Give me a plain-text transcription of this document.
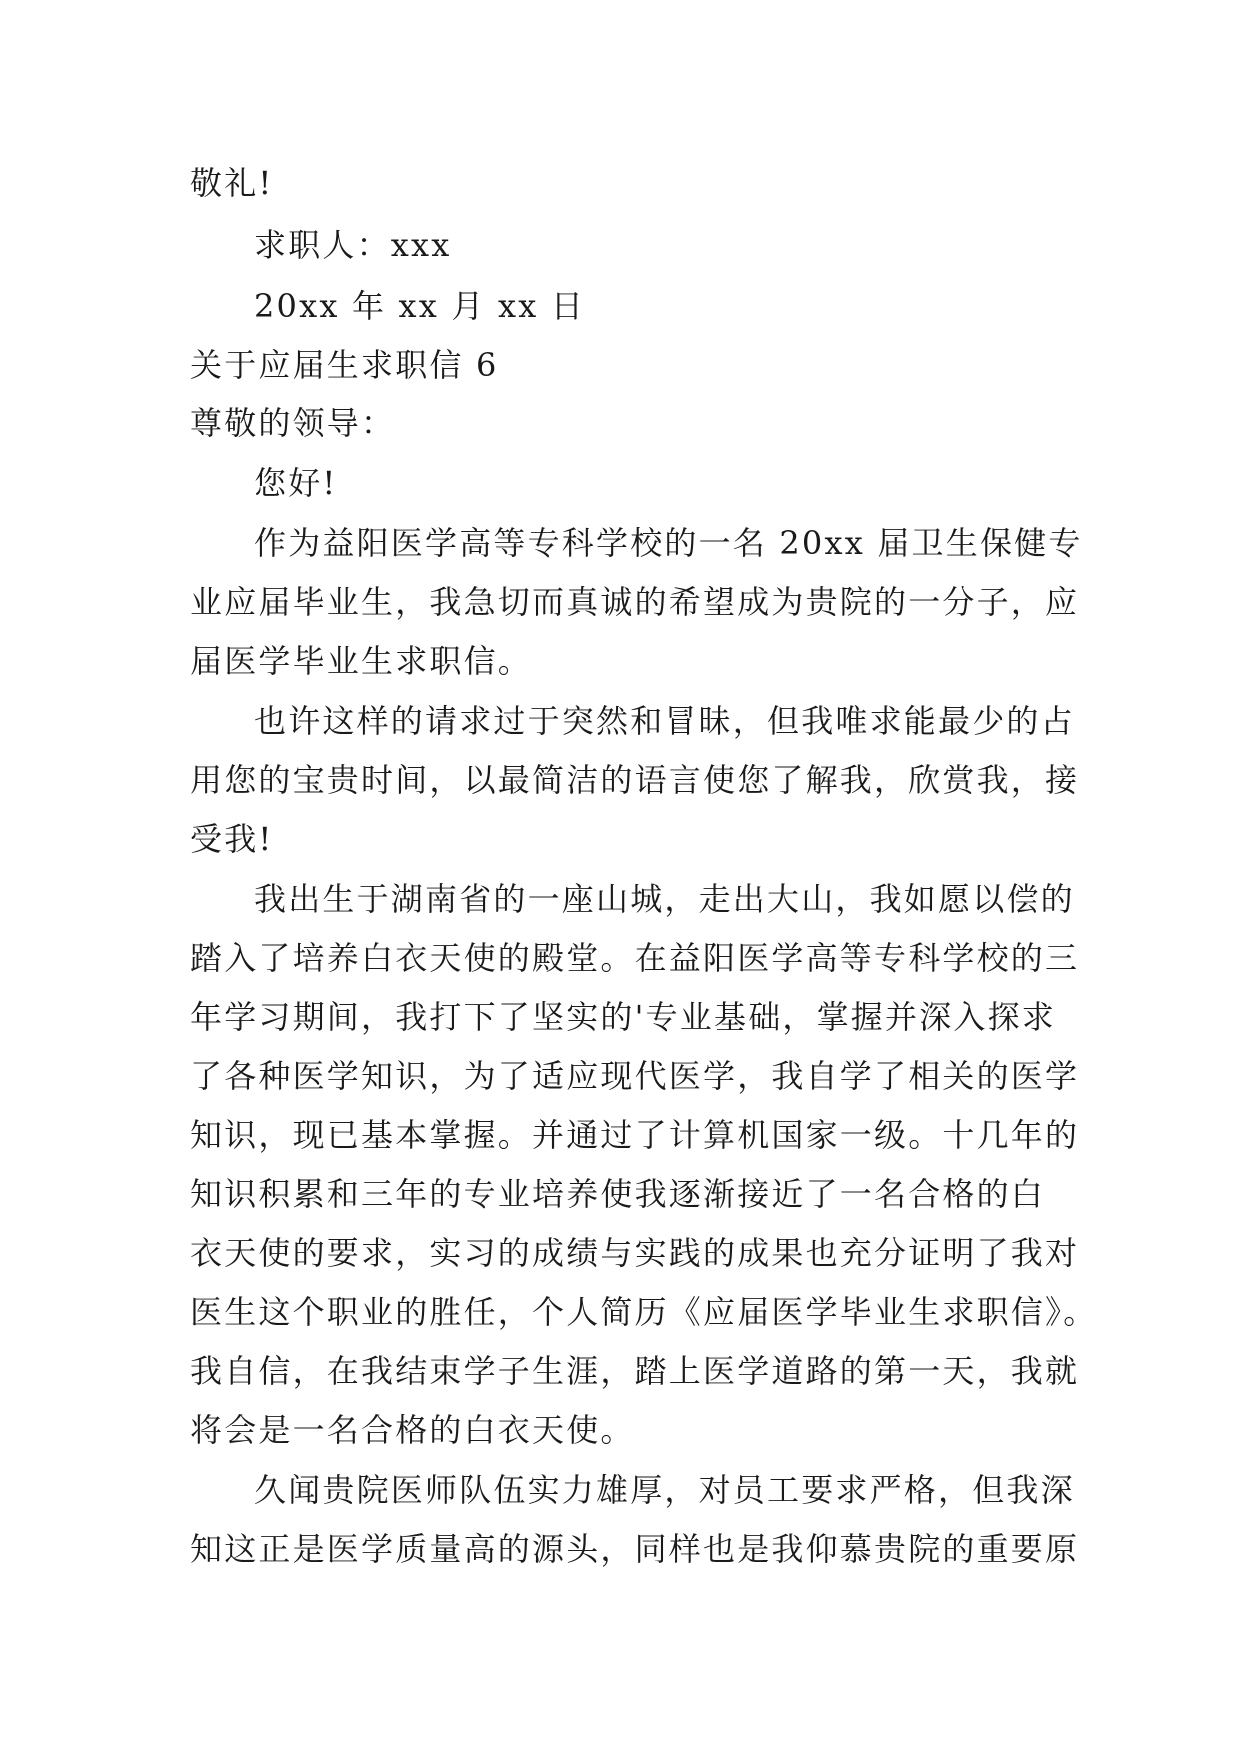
敬礼!
求职人：xxx
20xx 年 xx 月 xx 日
关于应届生求职信 6
尊敬的领导：
您好!
作为益阳医学高等专科学校的一名 20xx 届卫生保健专
业应届毕业生，我急切而真诚的希望成为贵院的一分子，应
届医学毕业生求职信。
也许这样的请求过于突然和冒昧，但我唯求能最少的占
用您的宝贵时间，以最简洁的语言使您了解我，欣赏我，接
受我!
我出生于湖南省的一座山城，走出大山，我如愿以偿的
踏入了培养白衣天使的殿堂。在益阳医学高等专科学校的三
年学习期间，我打下了坚实的'专业基础，掌握并深入探求
了各种医学知识，为了适应现代医学，我自学了相关的医学
知识，现已基本掌握。并通过了计算机国家一级。十几年的
知识积累和三年的专业培养使我逐渐接近了一名合格的白
衣天使的要求，实习的成绩与实践的成果也充分证明了我对
医生这个职业的胜任，个人简历《应届医学毕业生求职信》。
我自信，在我结束学子生涯，踏上医学道路的第一天，我就
将会是一名合格的白衣天使。
久闻贵院医师队伍实力雄厚，对员工要求严格，但我深
知这正是医学质量高的源头，同样也是我仰慕贵院的重要原
